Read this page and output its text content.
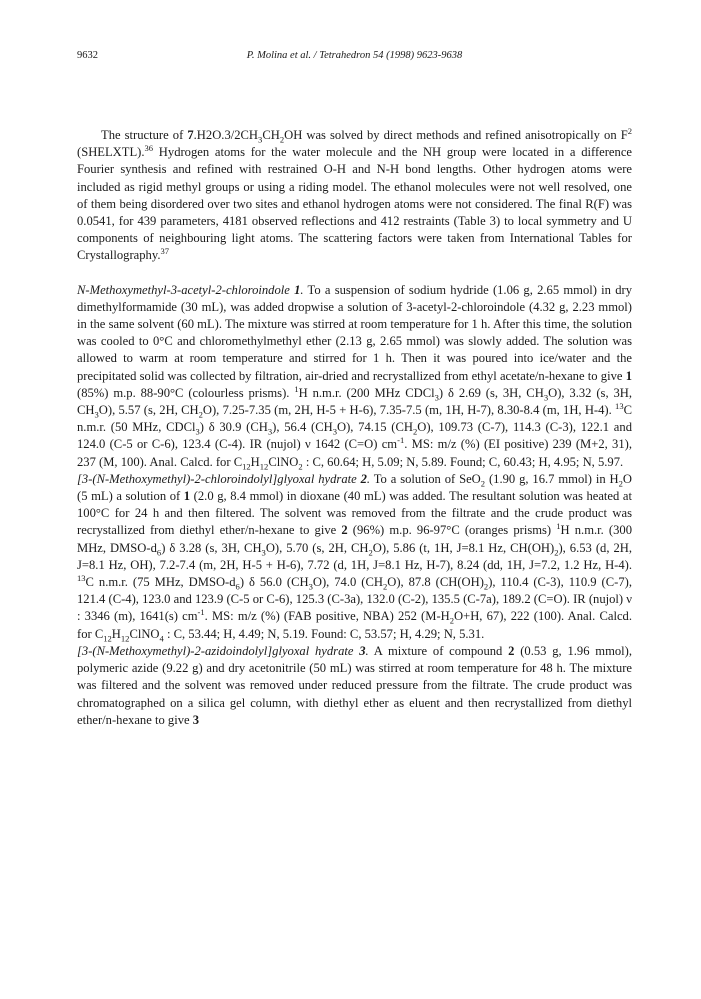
9632	P. Molina et al. / Tetrahedron 54 (1998) 9623-9638

The structure of $7.H2O.3/2CH_3CH_2OH$ was solved by direct methods and refined anisotropically on $F^2$ (SHELXTL).$^{36}$ Hydrogen atoms for the water molecule and the NH group were located in a difference Fourier synthesis and refined with restrained O-H and N-H bond lengths. Other hydrogen atoms were included as rigid methyl groups or using a riding model. The ethanol molecules were not well resolved, one of them being disordered over two sites and ethanol hydrogen atoms were not considered. The final R(F) was 0.0541, for 439 parameters, 4181 observed reflections and 412 restraints (Table 3) to local symmetry and U components of neighbouring light atoms. The scattering factors were taken from International Tables for Crystallography.$^{37}$

N-Methoxymethyl-3-acetyl-2-chloroindole 1. To a suspension of sodium hydride (1.06 g, 2.65 mmol) in dry dimethylformamide (30 mL), was added dropwise a solution of 3-acetyl-2-chloroindole (4.32 g, 2.23 mmol) in the same solvent (60 mL). The mixture was stirred at room temperature for 1 h. After this time, the solution was cooled to 0°C and chloromethylmethyl ether (2.13 g, 2.65 mmol) was slowly added. The solution was allowed to warm at room temperature and stirred for 1 h. Then it was poured into ice/water and the precipitated solid was collected by filtration, air-dried and recrystallized from ethyl acetate/n-hexane to give 1 (85%) m.p. 88-90°C (colourless prisms). $^1$H n.m.r. (200 MHz CDCl$_3$) δ 2.69 (s, 3H, $CH_3O$), 3.32 (s, 3H, $CH_3O$), 5.57 (s, 2H, $CH_2O$), 7.25-7.35 (m, 2H, H-5 + H-6), 7.35-7.5 (m, 1H, H-7), 8.30-8.4 (m, 1H, H-4). $^{13}$C n.m.r. (50 MHz, CDCl$_3$) δ 30.9 $(CH_3)$, 56.4 $(CH_3O)$, 74.15 $(CH_2O)$, 109.73 (C-7), 114.3 (C-3), 122.1 and 124.0 (C-5 or C-6), 123.4 (C-4). IR (nujol) ν 1642 (C=O) $cm^{-1}$. MS: m/z (%) (EI positive) 239 (M+2, 31), 237 (M, 100). Anal. Calcd. for $C_{12}H_{12}ClNO_2$ : C, 60.64; H, 5.09; N, 5.89. Found; C, 60.43; H, 4.95; N, 5.97.

[3-(N-Methoxymethyl)-2-chloroindolyl]glyoxal hydrate 2. To a solution of SeO$_2$ (1.90 g, 16.7 mmol) in $H_2O$ (5 mL) a solution of 1 (2.0 g, 8.4 mmol) in dioxane (40 mL) was added. The resultant solution was heated at 100°C for 24 h and then filtered. The solvent was removed from the filtrate and the crude product was recrystallized from diethyl ether/n-hexane to give 2 (96%) m.p. 96-97°C (oranges prisms) $^1$H n.m.r. (300 MHz, DMSO-$d_6$) δ 3.28 (s, 3H, $CH_3O$), 5.70 (s, 2H, $CH_2O$), 5.86 (t, 1H, J=8.1 Hz, $CH(OH)_2$), 6.53 (d, 2H, J=8.1 Hz, OH), 7.2-7.4 (m, 2H, H-5 + H-6), 7.72 (d, 1H, J=8.1 Hz, H-7), 8.24 (dd, 1H, J=7.2, 1.2 Hz, H-4). $^{13}$C n.m.r. (75 MHz, DMSO-$d_6$) δ 56.0 $(CH_3O)$, 74.0 $(CH_2O)$, 87.8 $(CH(OH)_2)$, 110.4 (C-3), 110.9 (C-7), 121.4 (C-4), 123.0 and 123.9 (C-5 or C-6), 125.3 (C-3a), 132.0 (C-2), 135.5 (C-7a), 189.2 (C=O). IR (nujol) ν : 3346 (m), 1641(s) $cm^{-1}$. MS: m/z (%) (FAB positive, NBA) 252 ($M-H_2O+H$, 67), 222 (100). Anal. Calcd. for $C_{12}H_{12}ClNO_4$ : C, 53.44; H, 4.49; N, 5.19. Found: C, 53.57; H, 4.29; N, 5.31.

[3-(N-Methoxymethyl)-2-azidoindolyl]glyoxal hydrate 3. A mixture of compound 2 (0.53 g, 1.96 mmol), polymeric azide (9.22 g) and dry acetonitrile (50 mL) was stirred at room temperature for 48 h. The mixture was filtered and the solvent was removed under reduced pressure from the filtrate. The crude product was chromatographed on a silica gel column, with diethyl ether as eluent and then recrystallized from diethyl ether/n-hexane to give 3
